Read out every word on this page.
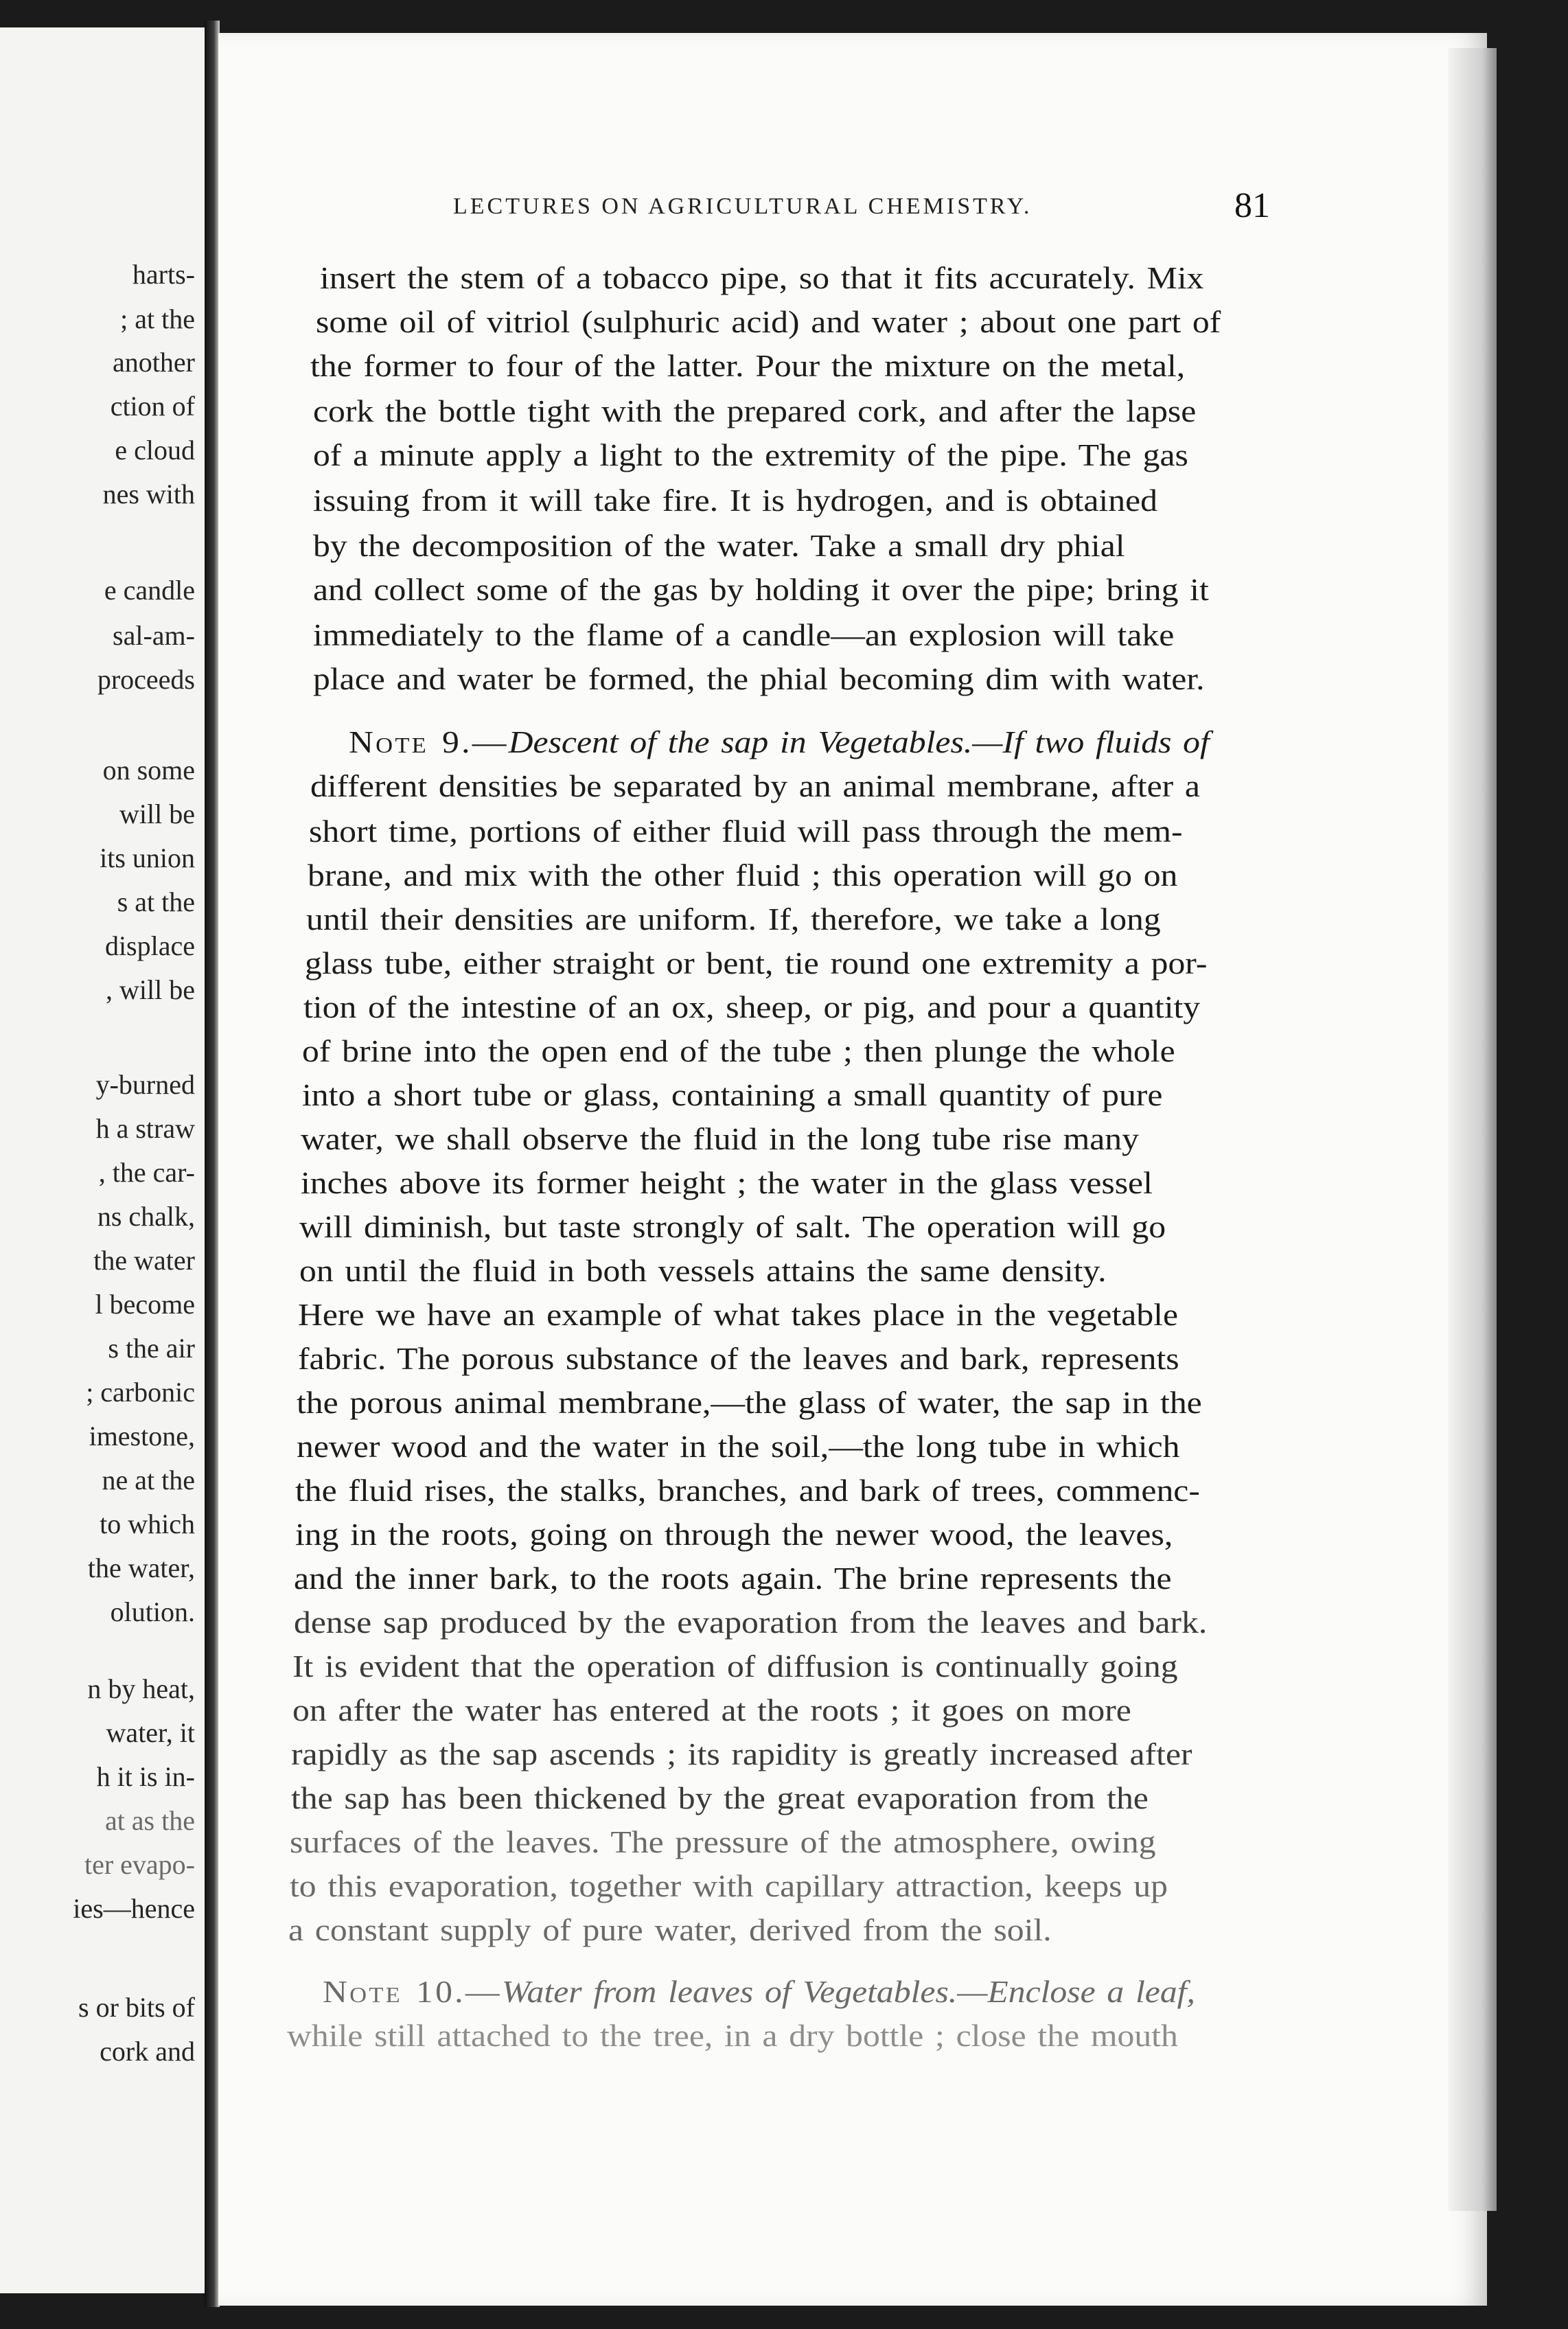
harts-
; at the
another
ction of
e cloud
nes with
e candle
sal-am-
proceeds
on some
will be
its union
s at the
displace
, will be
y-burned
h a straw
, the car-
ns chalk,
the water
l become
s the air
; carbonic
imestone,
ne at the
to which
the water,
olution.
n by heat,
water, it
h it is in-
at as the
ter evapo-
ies—hence
s or bits of
cork and
LECTURES ON AGRICULTURAL CHEMISTRY.	81
insert the stem of a tobacco pipe, so that it fits accurately. Mix
some oil of vitriol (sulphuric acid) and water ; about one part of
the former to four of the latter. Pour the mixture on the metal,
cork the bottle tight with the prepared cork, and after the lapse
of a minute apply a light to the extremity of the pipe. The gas
issuing from it will take fire. It is hydrogen, and is obtained
by the decomposition of the water. Take a small dry phial
and collect some of the gas by holding it over the pipe; bring it
immediately to the flame of a candle—an explosion will take
place and water be formed, the phial becoming dim with water.
Note 9.—Descent of the sap in Vegetables.—If two fluids of
different densities be separated by an animal membrane, after a
short time, portions of either fluid will pass through the mem-
brane, and mix with the other fluid ; this operation will go on
until their densities are uniform. If, therefore, we take a long
glass tube, either straight or bent, tie round one extremity a por-
tion of the intestine of an ox, sheep, or pig, and pour a quantity
of brine into the open end of the tube ; then plunge the whole
into a short tube or glass, containing a small quantity of pure
water, we shall observe the fluid in the long tube rise many
inches above its former height ; the water in the glass vessel
will diminish, but taste strongly of salt. The operation will go
on until the fluid in both vessels attains the same density.
Here we have an example of what takes place in the vegetable
fabric. The porous substance of the leaves and bark, represents
the porous animal membrane,—the glass of water, the sap in the
newer wood and the water in the soil,—the long tube in which
the fluid rises, the stalks, branches, and bark of trees, commenc-
ing in the roots, going on through the newer wood, the leaves,
and the inner bark, to the roots again. The brine represents the
dense sap produced by the evaporation from the leaves and bark.
It is evident that the operation of diffusion is continually going
on after the water has entered at the roots ; it goes on more
rapidly as the sap ascends ; its rapidity is greatly increased after
the sap has been thickened by the great evaporation from the
surfaces of the leaves. The pressure of the atmosphere, owing
to this evaporation, together with capillary attraction, keeps up
a constant supply of pure water, derived from the soil.
Note 10.—Water from leaves of Vegetables.—Enclose a leaf,
while still attached to the tree, in a dry bottle ; close the mouth
